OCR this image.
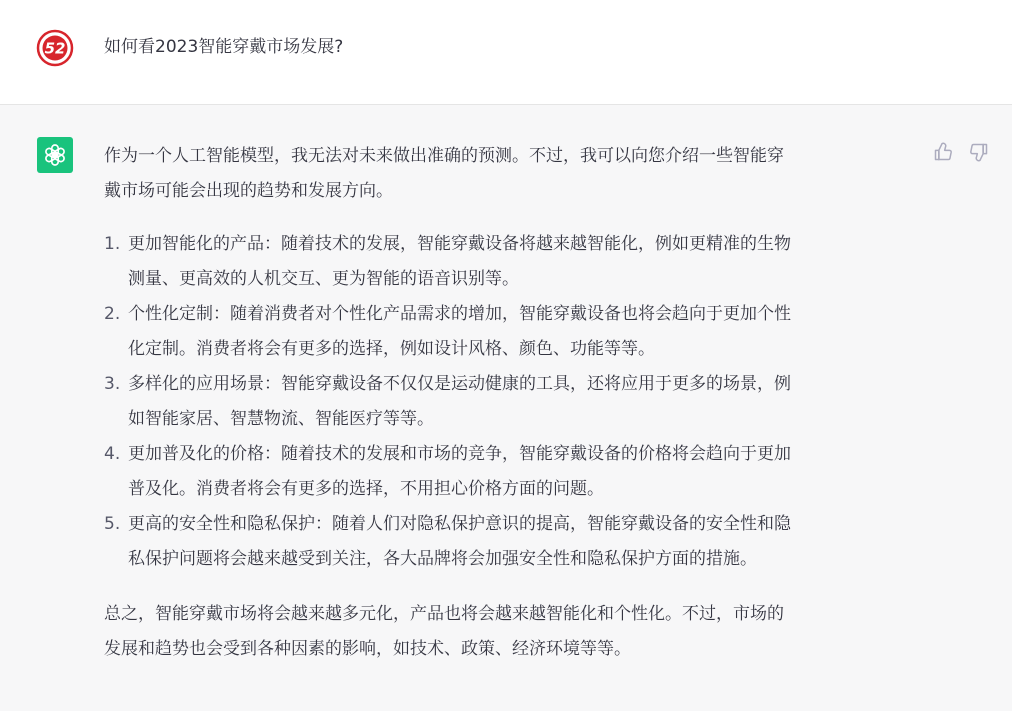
52 如何看2023智能穿戴市场发展?

作为一个人工智能模型，我无法对未来做出准确的预测。不过，我可以向您介绍一些智能穿

戴市场可能会出现的趋势和发展方向。

1. 更加智能化的产品：随着技术的发展，智能穿戴设备将越来越智能化，例如更精准的生物
测量、更高效的人机交互、更为智能的语音识别等。
2. 个性化定制：随着消费者对个性化产品需求的增加，智能穿戴设备也将会趋向于更加个性
化定制。消费者将会有更多的选择，例如设计风格、颜色、功能等等。
3. 多样化的应用场景：智能穿戴设备不仅仅是运动健康的工具，还将应用于更多的场景，例
如智能家居、智慧物流、智能医疗等等。
4. 更加普及化的价格：随着技术的发展和市场的竞争，智能穿戴设备的价格将会趋向于更加
普及化。消费者将会有更多的选择，不用担心价格方面的问题。
5. 更高的安全性和隐私保护：随着人们对隐私保护意识的提高，智能穿戴设备的安全性和隐
私保护问题将会越来越受到关注，各大品牌将会加强安全性和隐私保护方面的措施。

总之，智能穿戴市场将会越来越多元化，产品也将会越来越智能化和个性化。不过，市场的

发展和趋势也会受到各种因素的影响，如技术、政策、经济环境等等。
